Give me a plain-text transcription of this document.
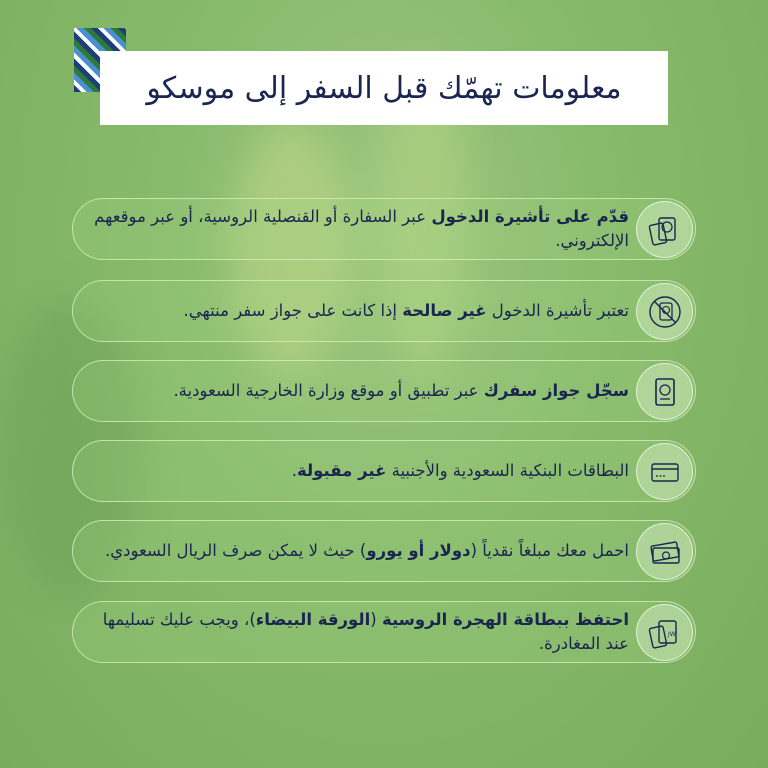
معلومات تهمّك قبل السفر إلى موسكو
قدّم على تأشيرة الدخول عبر السفارة أو القنصلية الروسية، أو عبر موقعهم الإلكتروني.
تعتبر تأشيرة الدخول غير صالحة إذا كانت على جواز سفر منتهي.
سجّل جواز سفرك عبر تطبيق أو موقع وزارة الخارجية السعودية.
البطاقات البنكية السعودية والأجنبية غير مقبولة.
احمل معك مبلغاً نقدياً (دولار أو يورو) حيث لا يمكن صرف الريال السعودي.
JW
احتفظ ببطاقة الهجرة الروسية (الورقة البيضاء)، ويجب عليك تسليمها عند المغادرة.
